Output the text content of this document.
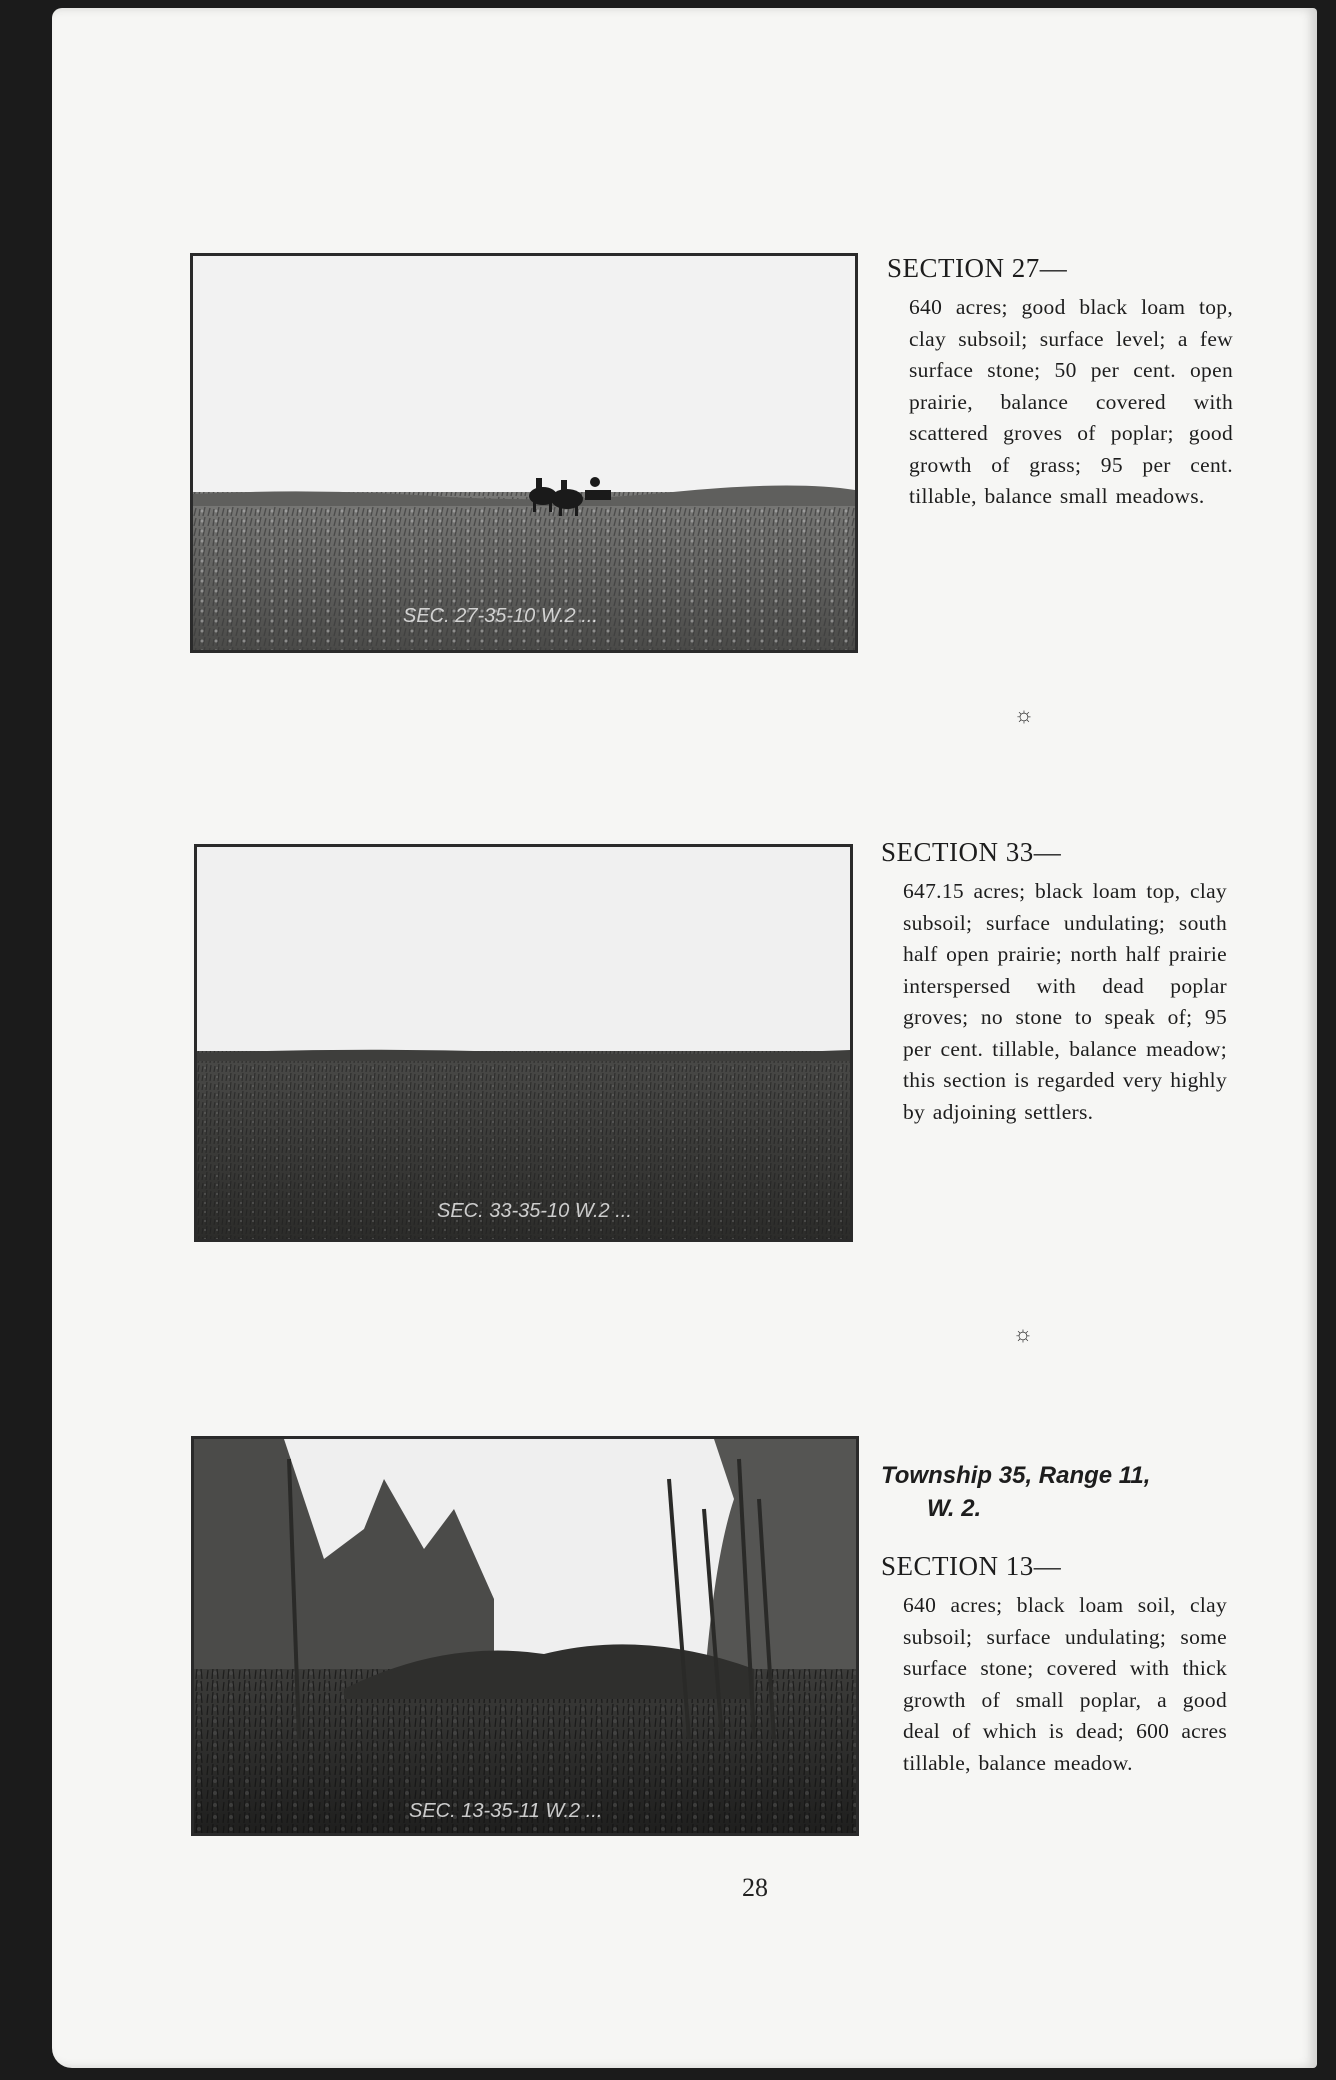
SEC. 27-35-10 W.2 ...

SECTION 27—

640 acres; good black loam top, clay subsoil; surface level; a few surface stone; 50 per cent. open prairie, balance covered with scattered groves of poplar; good growth of grass; 95 per cent. tillable, balance small meadows.

☼
SEC. 33-35-10 W.2 ...

SECTION 33—

647.15 acres; black loam top, clay subsoil; surface undulating; south half open prairie; north half prairie interspersed with dead poplar groves; no stone to speak of; 95 per cent. tillable, balance meadow; this section is regarded very highly by adjoining settlers.

☼
SEC. 13-35-11 W.2 ...

Township 35, Range 11,
W. 2.

SECTION 13—

640 acres; black loam soil, clay subsoil; surface undulating; some surface stone; covered with thick growth of small poplar, a good deal of which is dead; 600 acres tillable, balance meadow.

28
